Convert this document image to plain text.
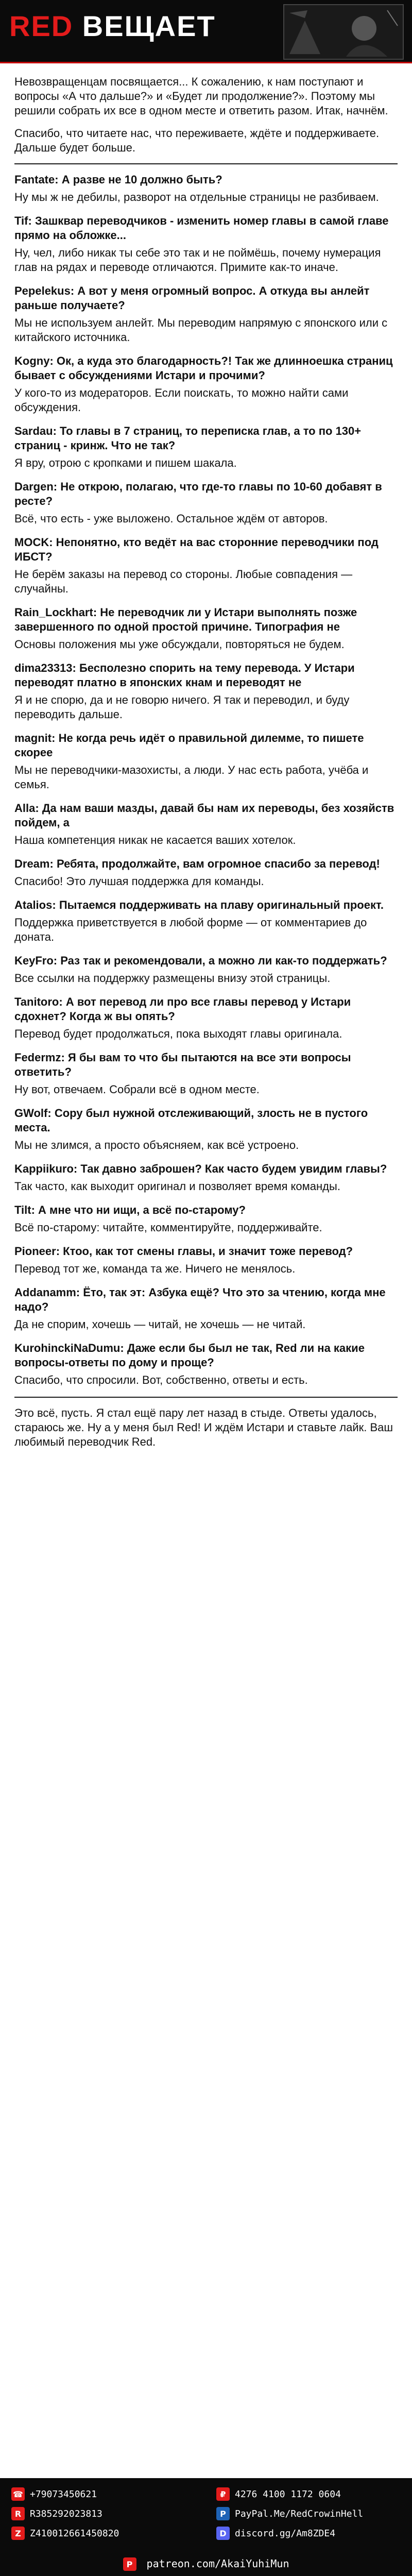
RED ВЕЩАЕТ

Невозвращенцам посвящается... К сожалению, к нам поступают и вопросы «А что дальше?» и «Будет ли продолжение?». Поэтому мы решили собрать их все в одном месте и ответить разом. Итак, начнём.

Спасибо, что читаете нас, что переживаете, ждёте и поддерживаете. Дальше будет больше.

Fantate: А разве не 10 должно быть?
Ну мы ж не дебилы, разворот на отдельные страницы не разбиваем.
Tif: Зашквар переводчиков - изменить номер главы в самой главе прямо на обложке...
Ну, чел, либо никак ты себе это так и не поймёшь, почему нумерация глав на рядах и переводе отличаются. Примите как-то иначе.
Pepelekus: А вот у меня огромный вопрос. А откуда вы анлейт раньше получаете?
Мы не используем анлейт. Мы переводим напрямую с японского или с китайского источника.
Kogny: Ок, а куда это благодарность?! Так же длинноешка страниц бывает с обсуждениями Истари и прочими?
У кого-то из модераторов. Если поискать, то можно найти сами обсуждения.
Sardau: То главы в 7 страниц, то переписка глав, а то по 130+ страниц - кринж. Что не так?
Я вру, отрою с кропками и пишем шакала.
Dargen: Не открою, полагаю, что где-то главы по 10-60 добавят в ресте?
Всё, что есть - уже выложено. Остальное ждём от авторов.
MOCK: Непонятно, кто ведёт на вас сторонние переводчики под ИБСТ?
Не берём заказы на перевод со стороны. Любые совпадения — случайны.
Rain_Lockhart: Не переводчик ли у Истари выполнять позже завершенного по одной простой причине. Типография не
Основы положения мы уже обсуждали, повторяться не будем.
dima23313: Бесполезно спорить на тему перевода. У Истари переводят платно в японских кнам и переводят не
Я и не спорю, да и не говорю ничего. Я так и переводил, и буду переводить дальше.
magnit: Не когда речь идёт о правильной дилемме, то пишете скорее
Мы не переводчики-мазохисты, а люди. У нас есть работа, учёба и семья.
Alla: Да нам ваши мазды, давай бы нам их переводы, без хозяйств пойдем, а
Наша компетенция никак не касается ваших хотелок.
Dream: Ребята, продолжайте, вам огромное спасибо за перевод!
Спасибо! Это лучшая поддержка для команды.
Atalios: Пытаемся поддерживать на плаву оригинальный проект.
Поддержка приветствуется в любой форме — от комментариев до доната.
KeyFro: Раз так и рекомендовали, а можно ли как-то поддержать?
Все ссылки на поддержку размещены внизу этой страницы.
Tanitoro: А вот перевод ли про все главы перевод у Истари сдохнет? Когда ж вы опять?
Перевод будет продолжаться, пока выходят главы оригинала.
Federmz: Я бы вам то что бы пытаются на все эти вопросы ответить?
Ну вот, отвечаем. Собрали всё в одном месте.
GWolf: Сору был нужной отслеживающий, злость не в пустого места.
Мы не злимся, а просто объясняем, как всё устроено.
Kappiikuro: Так давно заброшен? Как часто будем увидим главы?
Так часто, как выходит оригинал и позволяет время команды.
Tilt: А мне что ни ищи, а всё по-старому?
Всё по-старому: читайте, комментируйте, поддерживайте.
Pioneer: Ктоо, как тот смены главы, и значит тоже перевод?
Перевод тот же, команда та же. Ничего не менялось.
Addanamm: Ёто, так эт: Азбука ещё? Что это за чтению, когда мне надо?
Да не спорим, хочешь — читай, не хочешь — не читай.
KurohinckiNaDumu: Даже если бы был не так, Red ли на какие вопросы-ответы по дому и проще?
Спасибо, что спросили. Вот, собственно, ответы и есть.

Это всё, пусть. Я стал ещё пару лет назад в стыде. Ответы удалось, стараюсь же. Ну а у меня был Red! И ждём Истари и ставьте лайк. Ваш любимый переводчик Red.

☎ +79073450621	₽ 4276 4100 1172 0604
R R385292023813	P PayPal.Me/RedCrowinHell
Z Z410012661450820	D discord.gg/Am8ZDE4
P patreon.com/AkaiYuhiMun
